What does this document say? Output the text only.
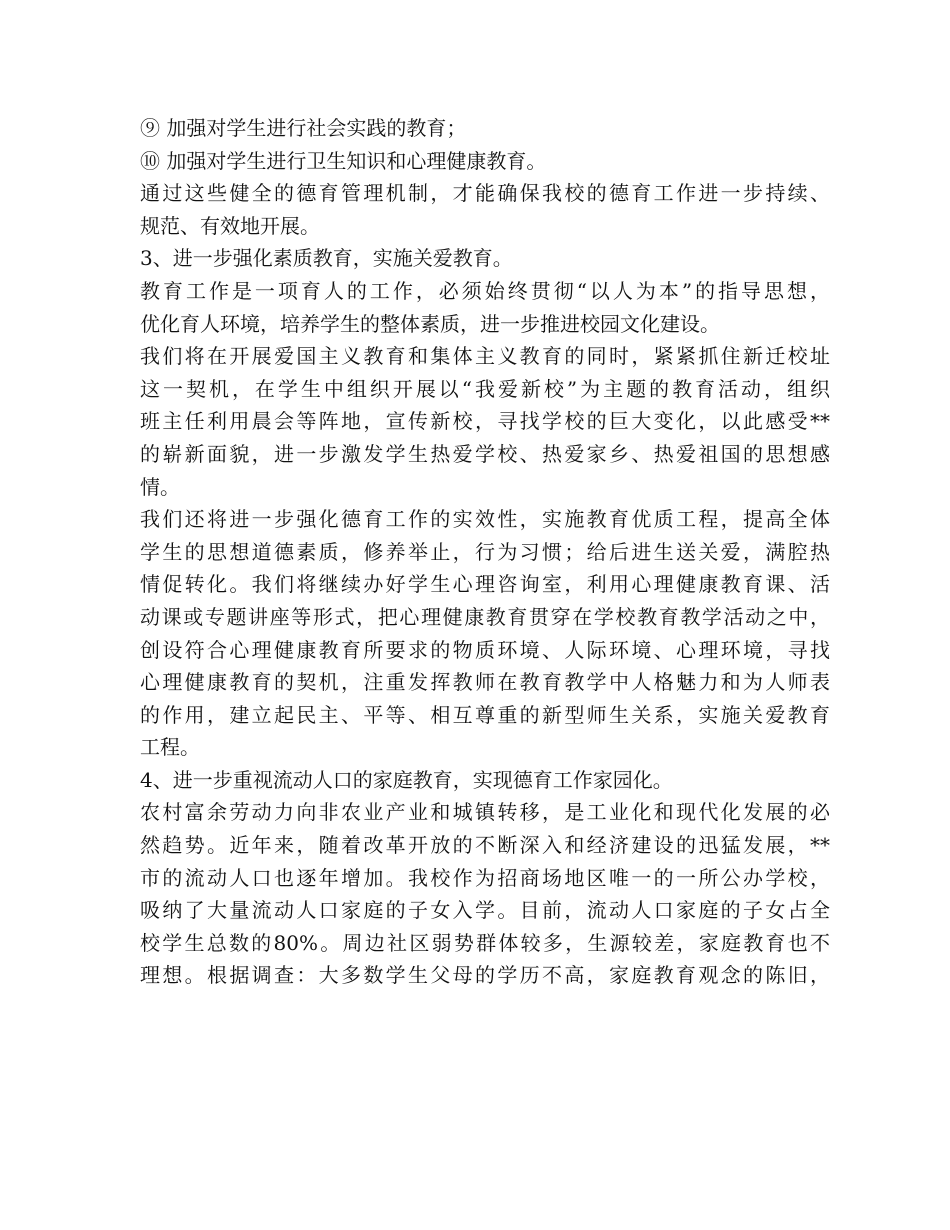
⑨ 加强对学生进行社会实践的教育；
⑩ 加强对学生进行卫生知识和心理健康教育。
通过这些健全的德育管理机制，才能确保我校的德育工作进一步持续、
规范、有效地开展。
3、进一步强化素质教育，实施关爱教育。
教育工作是一项育人的工作，必须始终贯彻“以人为本”的指导思想，
优化育人环境，培养学生的整体素质，进一步推进校园文化建设。
我们将在开展爱国主义教育和集体主义教育的同时，紧紧抓住新迁校址
这一契机，在学生中组织开展以“我爱新校”为主题的教育活动，组织
班主任利用晨会等阵地，宣传新校，寻找学校的巨大变化，以此感受**
的崭新面貌，进一步激发学生热爱学校、热爱家乡、热爱祖国的思想感
情。
我们还将进一步强化德育工作的实效性，实施教育优质工程，提高全体
学生的思想道德素质，修养举止，行为习惯；给后进生送关爱，满腔热
情促转化。我们将继续办好学生心理咨询室，利用心理健康教育课、活
动课或专题讲座等形式，把心理健康教育贯穿在学校教育教学活动之中，
创设符合心理健康教育所要求的物质环境、人际环境、心理环境，寻找
心理健康教育的契机，注重发挥教师在教育教学中人格魅力和为人师表
的作用，建立起民主、平等、相互尊重的新型师生关系，实施关爱教育
工程。
4、进一步重视流动人口的家庭教育，实现德育工作家园化。
农村富余劳动力向非农业产业和城镇转移，是工业化和现代化发展的必
然趋势。近年来，随着改革开放的不断深入和经济建设的迅猛发展，**
市的流动人口也逐年增加。我校作为招商场地区唯一的一所公办学校，
吸纳了大量流动人口家庭的子女入学。目前，流动人口家庭的子女占全
校学生总数的80%。周边社区弱势群体较多，生源较差，家庭教育也不
理想。根据调查：大多数学生父母的学历不高，家庭教育观念的陈旧，
